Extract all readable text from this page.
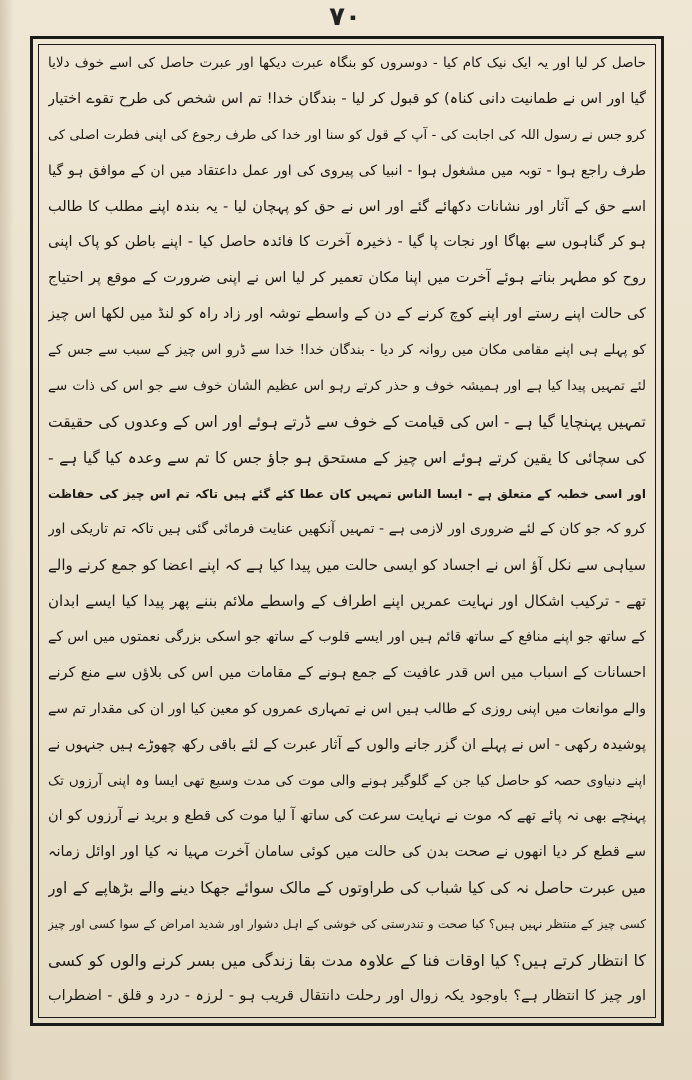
۷۰
حاصل کر لیا اور یہ ایک نیک کام کیا - دوسروں کو بنگاہ عبرت دیکھا اور عبرت حاصل کی اسے خوف دلایا
گیا اور اس نے طمانیت دانی کناہ) کو قبول کر لیا - بندگان خدا! تم اس شخص کی طرح تقوے اختیار
کرو جس نے رسول اللہ کی اجابت کی - آپ کے قول کو سنا اور خدا کی طرف رجوع کی اپنی فطرت اصلی کی
طرف راجع ہوا - توبہ میں مشغول ہوا - انبیا کی پیروی کی اور عمل داعتقاد میں ان کے موافق ہو گیا
اسے حق کے آثار اور نشانات دکھائے گئے اور اس نے حق کو پہچان لیا - یہ بندہ اپنے مطلب کا طالب
ہو کر گناہوں سے بھاگا اور نجات پا گیا - ذخیرہ آخرت کا فائدہ حاصل کیا - اپنے باطن کو پاک اپنی
روح کو مطہر بناتے ہوئے آخرت میں اپنا مکان تعمیر کر لیا اس نے اپنی ضرورت کے موقع پر احتیاج
کی حالت اپنے رستے اور اپنے کوچ کرنے کے دن کے واسطے توشہ اور زاد راہ کو لنڈ میں لکھا اس چیز
کو پہلے ہی اپنے مقامی مکان میں روانہ کر دیا - بندگان خدا! خدا سے ڈرو اس چیز کے سبب سے جس کے
لئے تمہیں پیدا کیا ہے اور ہمیشہ خوف و حذر کرتے رہو اس عظیم الشان خوف سے جو اس کی ذات سے
تمہیں پہنچایا گیا ہے - اس کی قیامت کے خوف سے ڈرتے ہوئے اور اس کے وعدوں کی حقیقت
کی سچائی کا یقین کرتے ہوئے اس چیز کے مستحق ہو جاؤ جس کا تم سے وعدہ کیا گیا ہے -
اور اسی خطبہ کے متعلق ہے - ایسا الناس تمہیں کان عطا کئے گئے ہیں تاکہ تم اس چیز کی حفاظت
کرو کہ جو کان کے لئے ضروری اور لازمی ہے - تمہیں آنکھیں عنایت فرمائی گئی ہیں تاکہ تم تاریکی اور
سیاہی سے نکل آؤ اس نے اجساد کو ایسی حالت میں پیدا کیا ہے کہ اپنے اعضا کو جمع کرنے والے
تھے - ترکیب اشکال اور نہایت عمریں اپنے اطراف کے واسطے ملائم بننے پھر پیدا کیا ایسے ابدان
کے ساتھ جو اپنے منافع کے ساتھ قائم ہیں اور ایسے قلوب کے ساتھ جو اسکی بزرگی نعمتوں میں اس کے
احسانات کے اسباب میں اس قدر عافیت کے جمع ہونے کے مقامات میں اس کی بلاؤں سے منع کرنے
والے موانعات میں اپنی روزی کے طالب ہیں اس نے تمہاری عمروں کو معین کیا اور ان کی مقدار تم سے
پوشیدہ رکھی - اس نے پہلے ان گزر جانے والوں کے آثار عبرت کے لئے باقی رکھ چھوڑے ہیں جنہوں نے
اپنے دنیاوی حصہ کو حاصل کیا جن کے گلوگیر ہونے والی موت کی مدت وسیع تھی ایسا وہ اپنی آرزوں تک
پہنچے بھی نہ پائے تھے کہ موت نے نہایت سرعت کی ساتھ آ لیا موت کی قطع و برید نے آرزوں کو ان
سے قطع کر دیا انھوں نے صحت بدن کی حالت میں کوئی سامان آخرت مہیا نہ کیا اور اوائل زمانہ
میں عبرت حاصل نہ کی کیا شباب کی طراوتوں کے مالک سوائے جھکا دینے والے بڑھاپے کے اور
کسی چیز کے منتظر نہیں ہیں؟ کیا صحت و تندرستی کی خوشی کے اہل دشوار اور شدید امراض کے سوا کسی اور چیز
کا انتظار کرتے ہیں؟ کیا اوقات فنا کے علاوہ مدت بقا زندگی میں بسر کرنے والوں کو کسی
اور چیز کا انتظار ہے؟ باوجود یکہ زوال اور رحلت دانتقال قریب ہو - لرزہ - درد و قلق - اضطراب
